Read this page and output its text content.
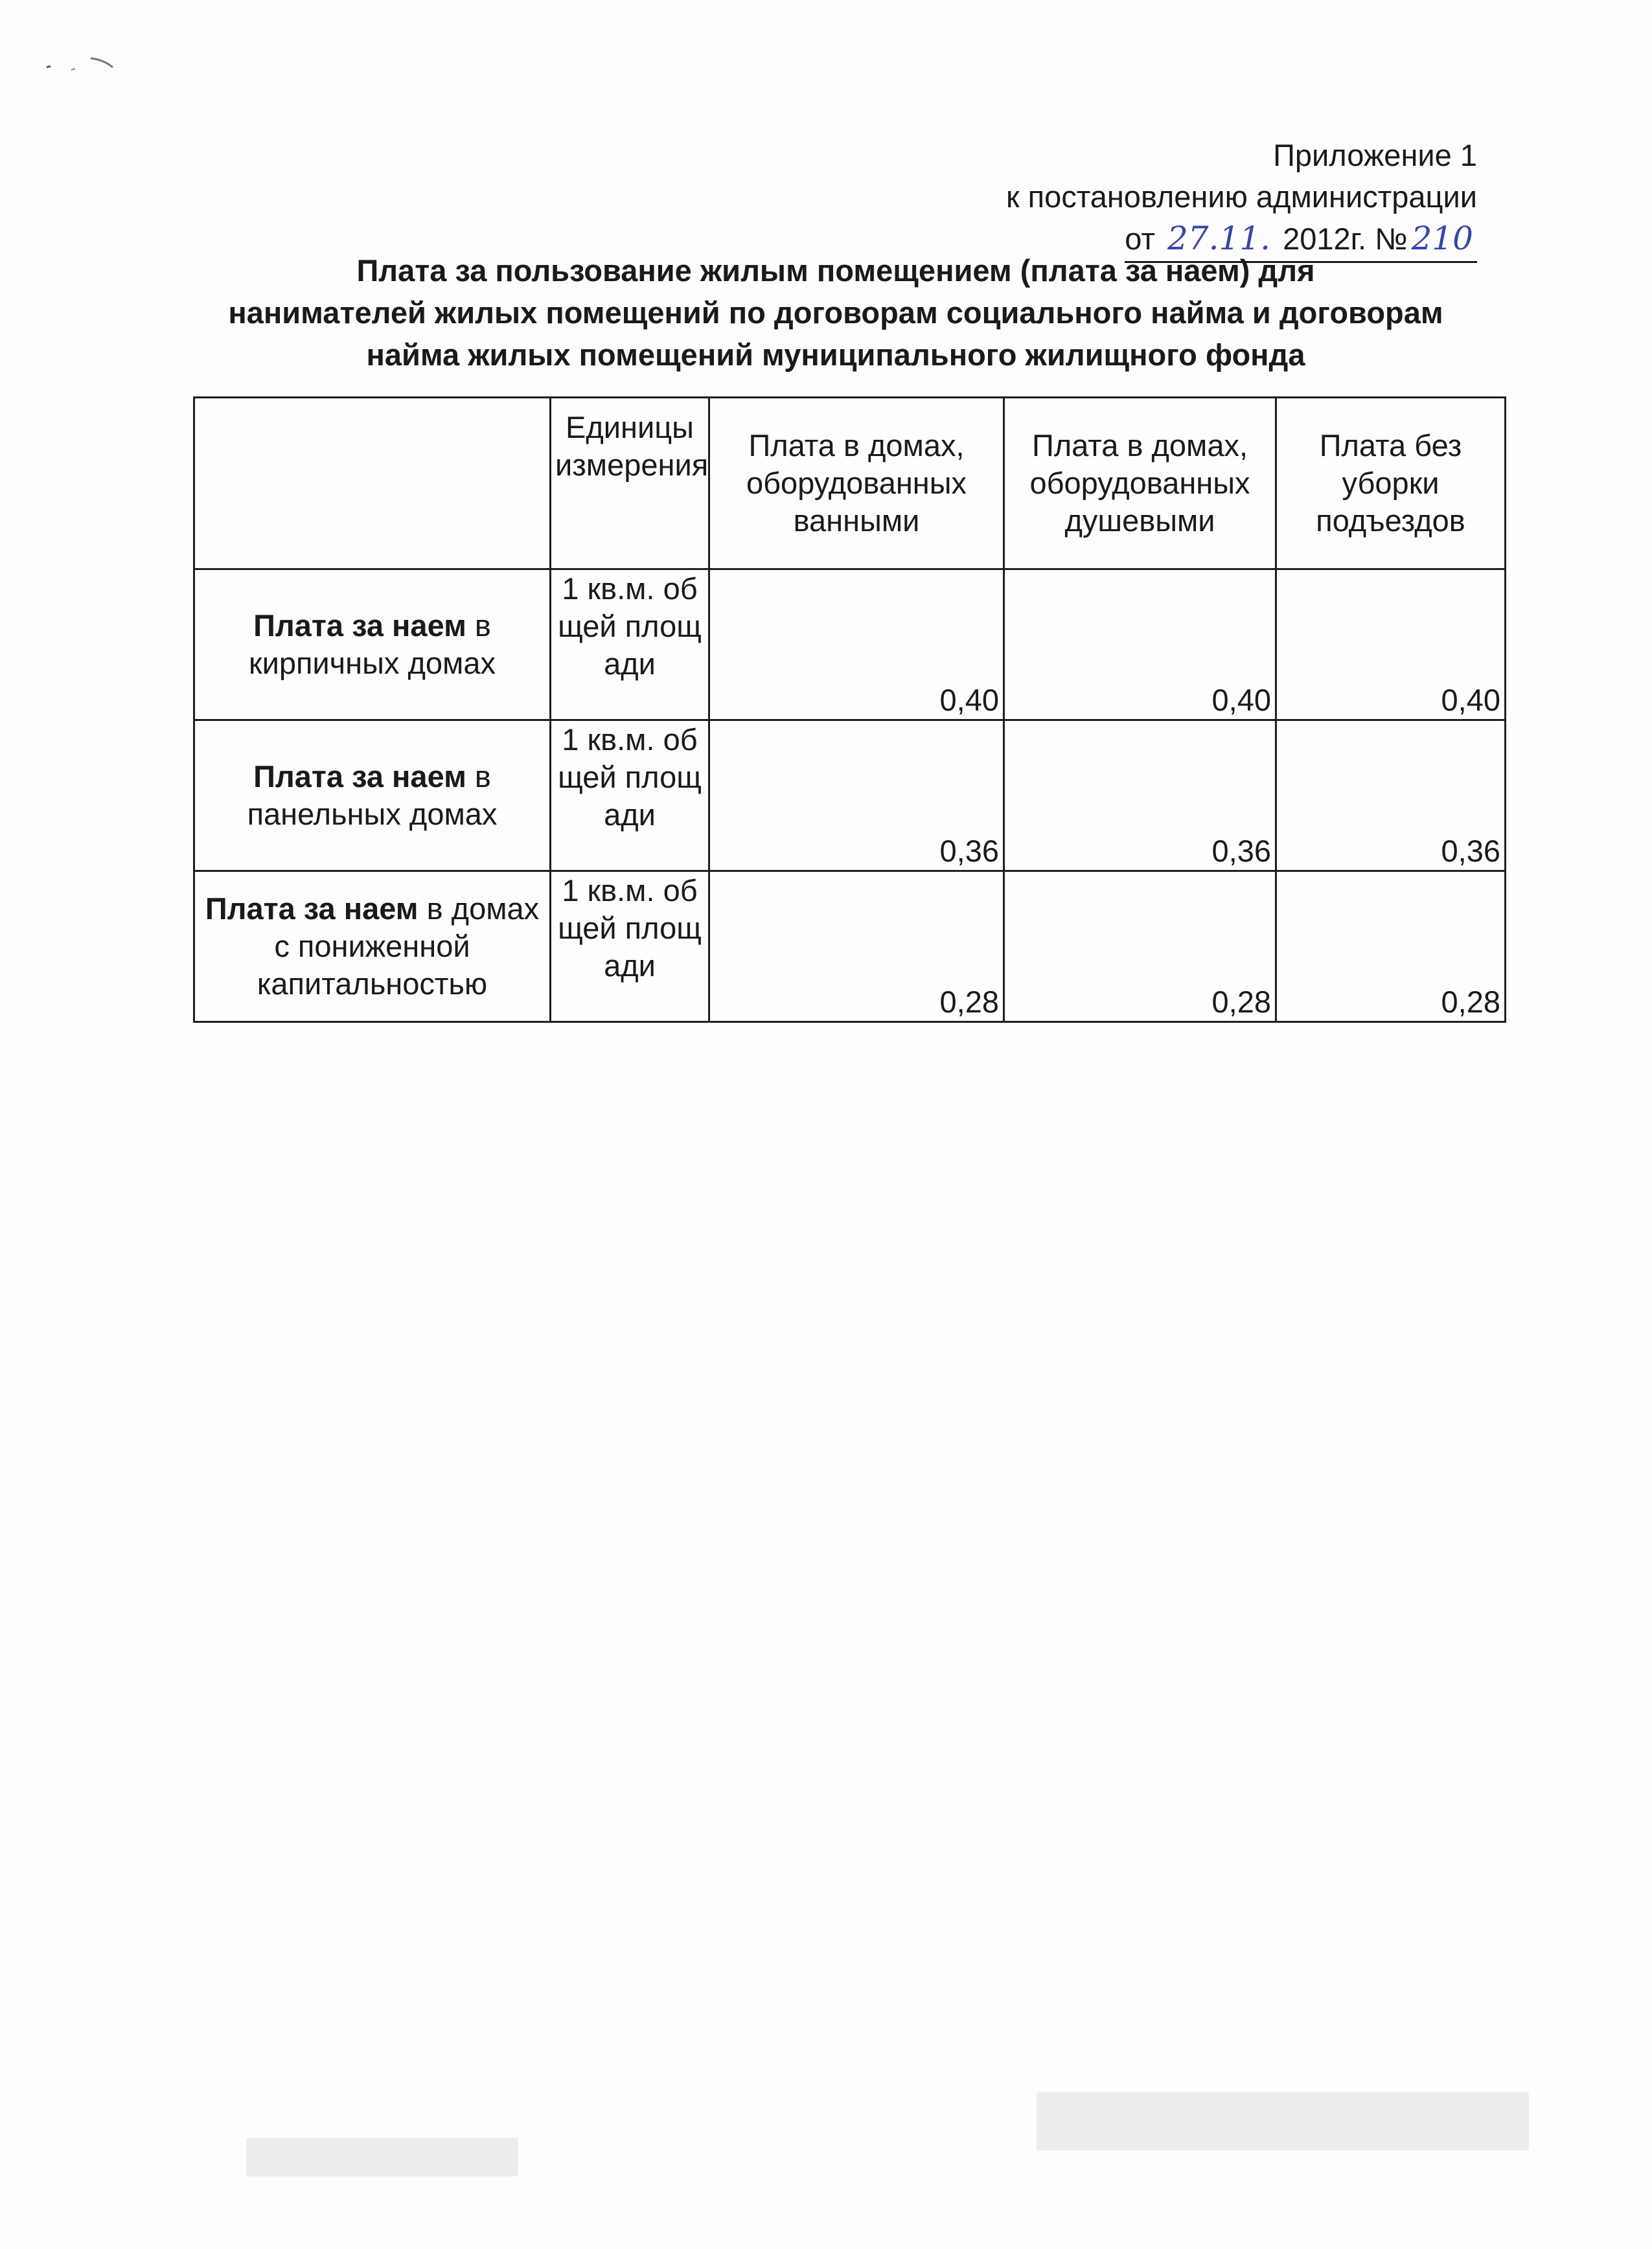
Приложение 1
к постановлению администрации
от 27.11. 2012г. № 210
Плата за пользование жилым помещением (плата за наем) для
нанимателей жилых помещений по договорам социального найма и договорам
найма жилых помещений муниципального жилищного фонда
	Единицы измерения	Плата в домах, оборудованных ванными	Плата в домах, оборудованных душевыми	Плата без уборки подъездов
Плата за наем в кирпичных домах	1 кв.м. общей площади	0,40	0,40	0,40
Плата за наем в панельных домах	1 кв.м. общей площади	0,36	0,36	0,36
Плата за наем в домах с пониженной капитальностью	1 кв.м. общей площади	0,28	0,28	0,28
